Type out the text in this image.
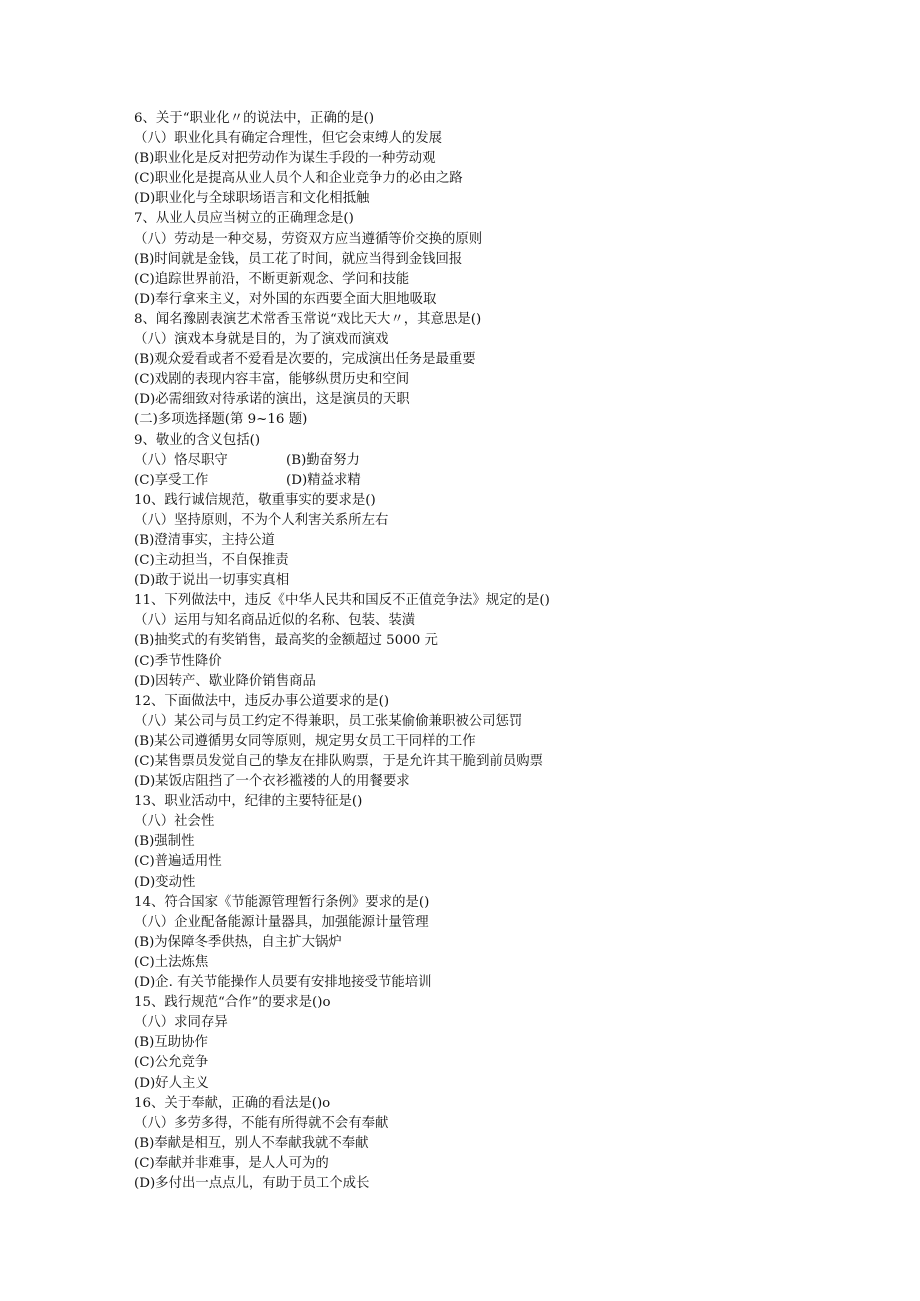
6、关于“职业化〃的说法中，正确的是()
（八）职业化具有确定合理性，但它会束缚人的发展
(B)职业化是反对把劳动作为谋生手段的一种劳动观
(C)职业化是提高从业人员个人和企业竞争力的必由之路
(D)职业化与全球职场语言和文化相抵触
7、从业人员应当树立的正确理念是()
（八）劳动是一种交易，劳资双方应当遵循等价交换的原则
(B)时间就是金钱，员工花了时间，就应当得到金钱回报
(C)追踪世界前沿，不断更新观念、学问和技能
(D)奉行拿来主义，对外国的东西要全面大胆地吸取
8、闻名豫剧表演艺术常香玉常说“戏比天大〃，其意思是()
（八）演戏本身就是目的，为了演戏而演戏
(B)观众爱看或者不爱看是次要的，完成演出任务是最重要
(C)戏剧的表现内容丰富，能够纵贯历史和空间
(D)必需细致对待承诺的演出，这是演员的天职
(二)多项选择题(第 9~16 题)
9、敬业的含义包括()
（八）恪尽职守	(B)勤奋努力
(C)享受工作	(D)精益求精
10、践行诚信规范，敬重事实的要求是()
（八）坚持原则，不为个人利害关系所左右
(B)澄清事实，主持公道
(C)主动担当，不自保推责
(D)敢于说出一切事实真相
11、下列做法中，违反《中华人民共和国反不正值竞争法》规定的是()
（八）运用与知名商品近似的名称、包装、装潢
(B)抽奖式的有奖销售，最高奖的金额超过 5000 元
(C)季节性降价
(D)因转产、歇业降价销售商品
12、下面做法中，违反办事公道要求的是()
（八）某公司与员工约定不得兼职，员工张某偷偷兼职被公司惩罚
(B)某公司遵循男女同等原则，规定男女员工干同样的工作
(C)某售票员发觉自己的挚友在排队购票，于是允许其干脆到前员购票
(D)某饭店阻挡了一个衣衫褴褛的人的用餐要求
13、职业活动中，纪律的主要特征是()
（八）社会性
(B)强制性
(C)普遍适用性
(D)变动性
14、符合国家《节能源管理暂行条例》要求的是()
（八）企业配备能源计量器具，加强能源计量管理
(B)为保障冬季供热，自主扩大锅炉
(C)土法炼焦
(D)企. 有关节能操作人员要有安排地接受节能培训
15、践行规范“合作”的要求是()o
（八）求同存异
(B)互助协作
(C)公允竞争
(D)好人主义
16、关于奉献，正确的看法是()o
（八）多劳多得，不能有所得就不会有奉献
(B)奉献是相互，别人不奉献我就不奉献
(C)奉献并非难事，是人人可为的
(D)多付出一点点儿，有助于员工个成长
